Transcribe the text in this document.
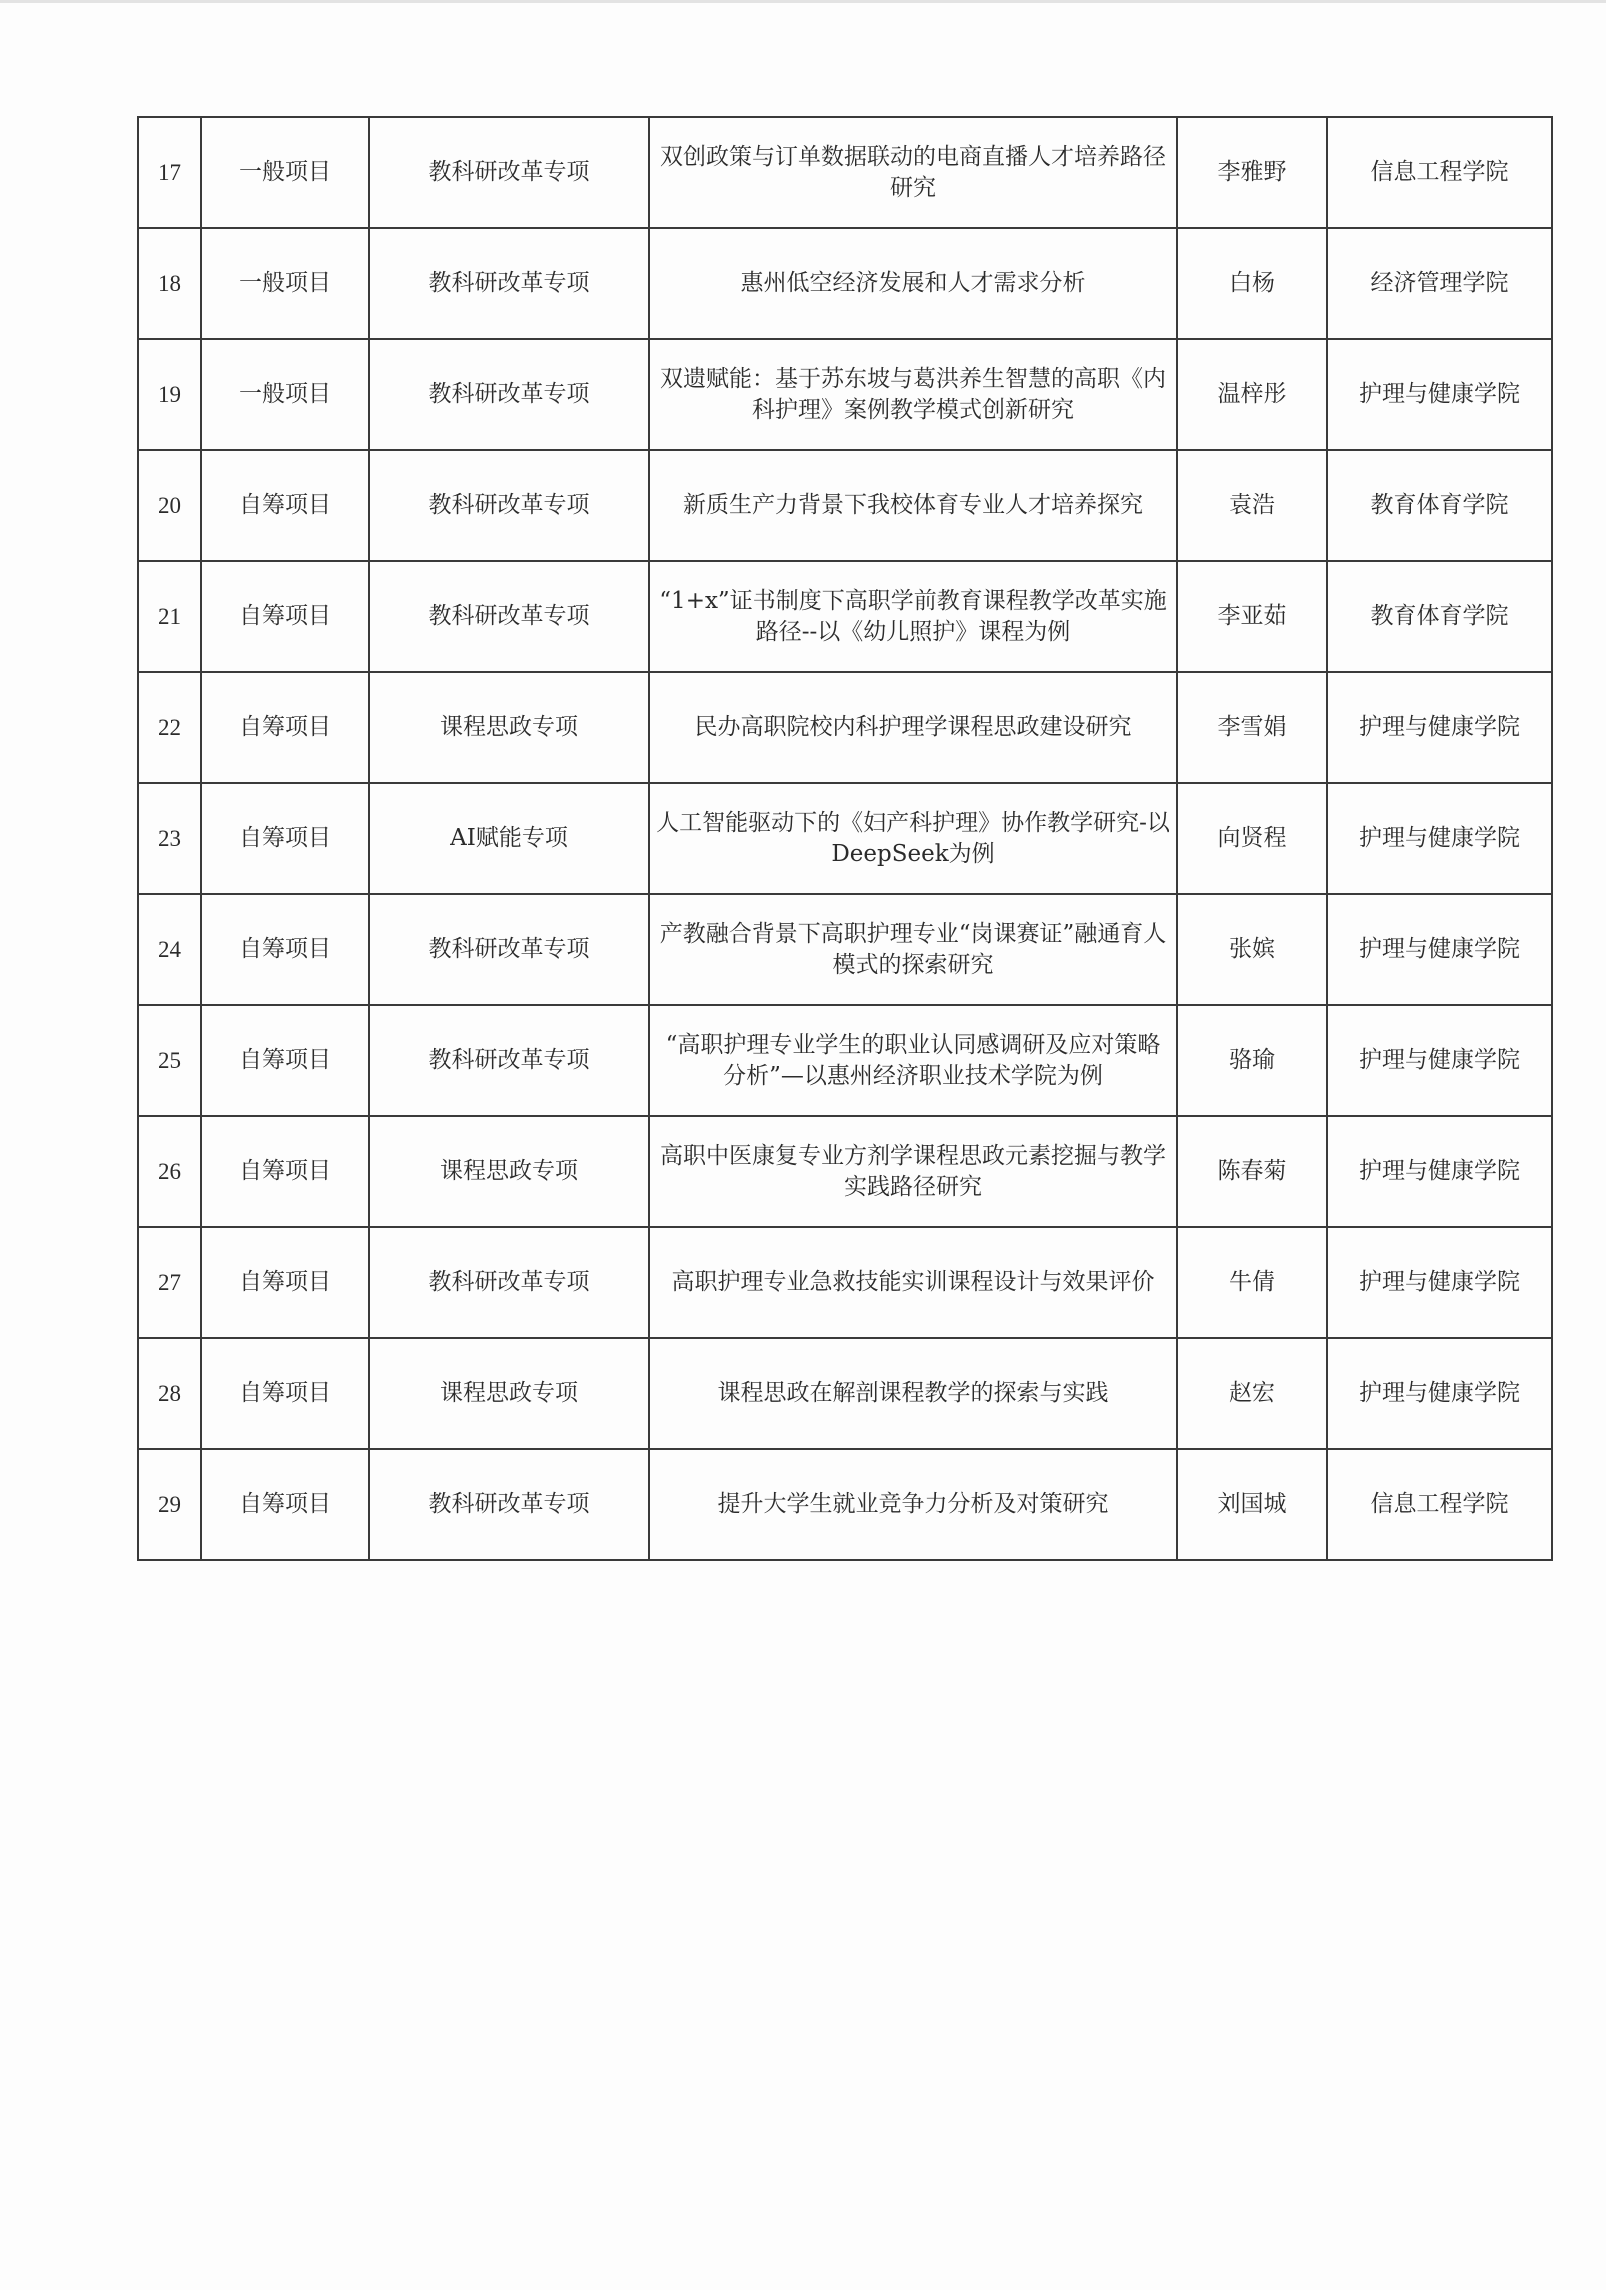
17	一般项目	教科研改革专项	双创政策与订单数据联动的电商直播人才培养路径研究	李雅野	信息工程学院
18	一般项目	教科研改革专项	惠州低空经济发展和人才需求分析	白杨	经济管理学院
19	一般项目	教科研改革专项	双遗赋能：基于苏东坡与葛洪养生智慧的高职《内科护理》案例教学模式创新研究	温梓彤	护理与健康学院
20	自筹项目	教科研改革专项	新质生产力背景下我校体育专业人才培养探究	袁浩	教育体育学院
21	自筹项目	教科研改革专项	“1+x”证书制度下高职学前教育课程教学改革实施路径--以《幼儿照护》课程为例	李亚茹	教育体育学院
22	自筹项目	课程思政专项	民办高职院校内科护理学课程思政建设研究	李雪娟	护理与健康学院
23	自筹项目	AI赋能专项	人工智能驱动下的《妇产科护理》协作教学研究-以DeepSeek为例	向贤程	护理与健康学院
24	自筹项目	教科研改革专项	产教融合背景下高职护理专业“岗课赛证”融通育人模式的探索研究	张嫔	护理与健康学院
25	自筹项目	教科研改革专项	“高职护理专业学生的职业认同感调研及应对策略分析”—以惠州经济职业技术学院为例	骆瑜	护理与健康学院
26	自筹项目	课程思政专项	高职中医康复专业方剂学课程思政元素挖掘与教学实践路径研究	陈春菊	护理与健康学院
27	自筹项目	教科研改革专项	高职护理专业急救技能实训课程设计与效果评价	牛倩	护理与健康学院
28	自筹项目	课程思政专项	课程思政在解剖课程教学的探索与实践	赵宏	护理与健康学院
29	自筹项目	教科研改革专项	提升大学生就业竞争力分析及对策研究	刘国城	信息工程学院
